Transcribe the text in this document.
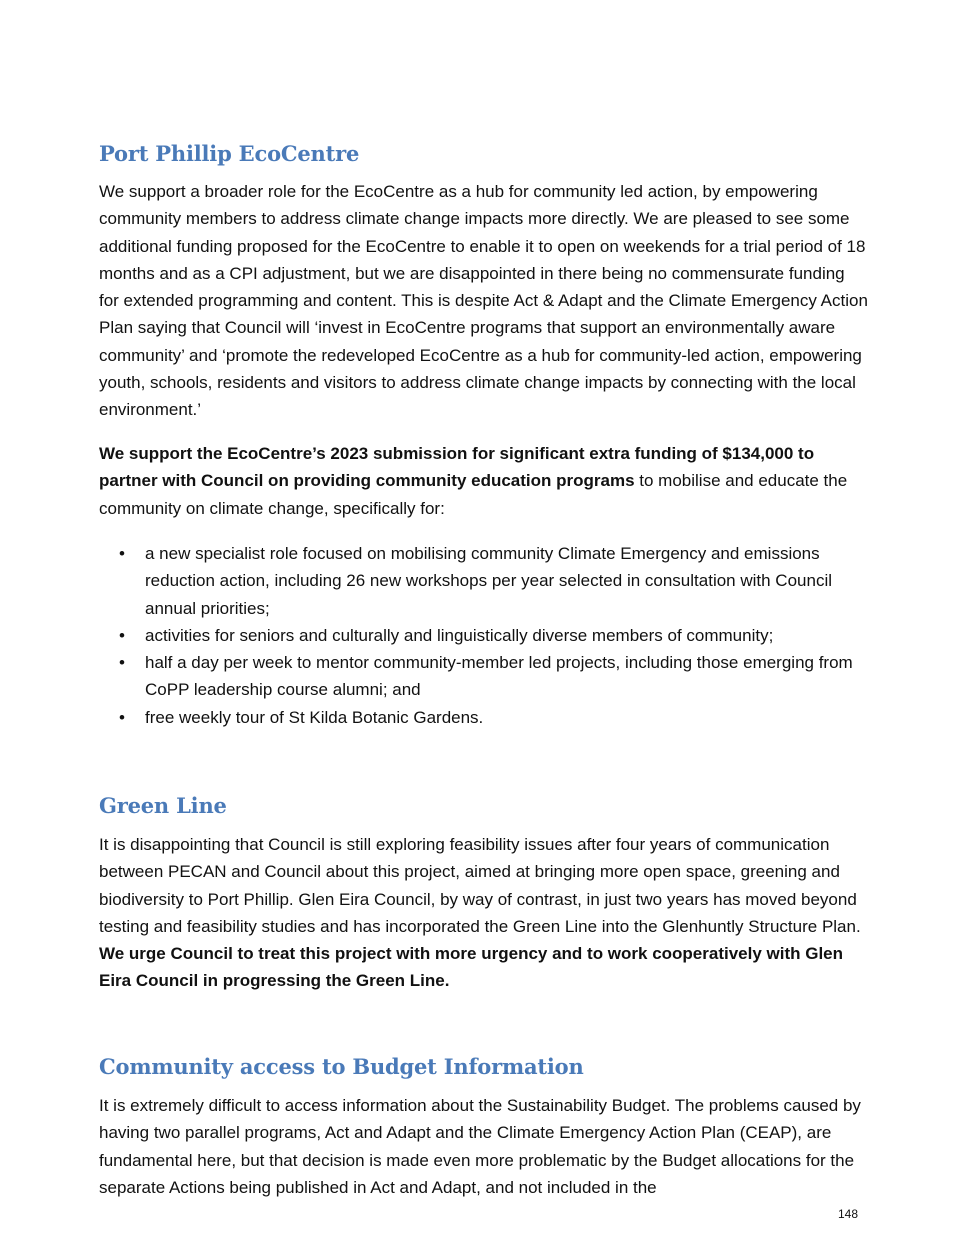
Port Phillip EcoCentre

We support a broader role for the EcoCentre as a hub for community led action, by empowering community members to address climate change impacts more directly. We are pleased to see some additional funding proposed for the EcoCentre to enable it to open on weekends for a trial period of 18 months and as a CPI adjustment, but we are disappointed in there being no commensurate funding for extended programming and content. This is despite Act & Adapt and the Climate Emergency Action Plan saying that Council will ‘invest in EcoCentre programs that support an environmentally aware community’ and ‘promote the redeveloped EcoCentre as a hub for community-led action, empowering youth, schools, residents and visitors to address climate change impacts by connecting with the local environment.’

We support the EcoCentre’s 2023 submission for significant extra funding of $134,000 to partner with Council on providing community education programs to mobilise and educate the community on climate change, specifically for:

• a new specialist role focused on mobilising community Climate Emergency and emissions reduction action, including 26 new workshops per year selected in consultation with Council annual priorities;
• activities for seniors and culturally and linguistically diverse members of community;
• half a day per week to mentor community-member led projects, including those emerging from CoPP leadership course alumni; and
• free weekly tour of St Kilda Botanic Gardens.
Green Line

It is disappointing that Council is still exploring feasibility issues after four years of communication between PECAN and Council about this project, aimed at bringing more open space, greening and biodiversity to Port Phillip. Glen Eira Council, by way of contrast, in just two years has moved beyond testing and feasibility studies and has incorporated the Green Line into the Glenhuntly Structure Plan. We urge Council to treat this project with more urgency and to work cooperatively with Glen Eira Council in progressing the Green Line.

Community access to Budget Information

It is extremely difficult to access information about the Sustainability Budget. The problems caused by having two parallel programs, Act and Adapt and the Climate Emergency Action Plan (CEAP), are fundamental here, but that decision is made even more problematic by the Budget allocations for the separate Actions being published in Act and Adapt, and not included in the

148
